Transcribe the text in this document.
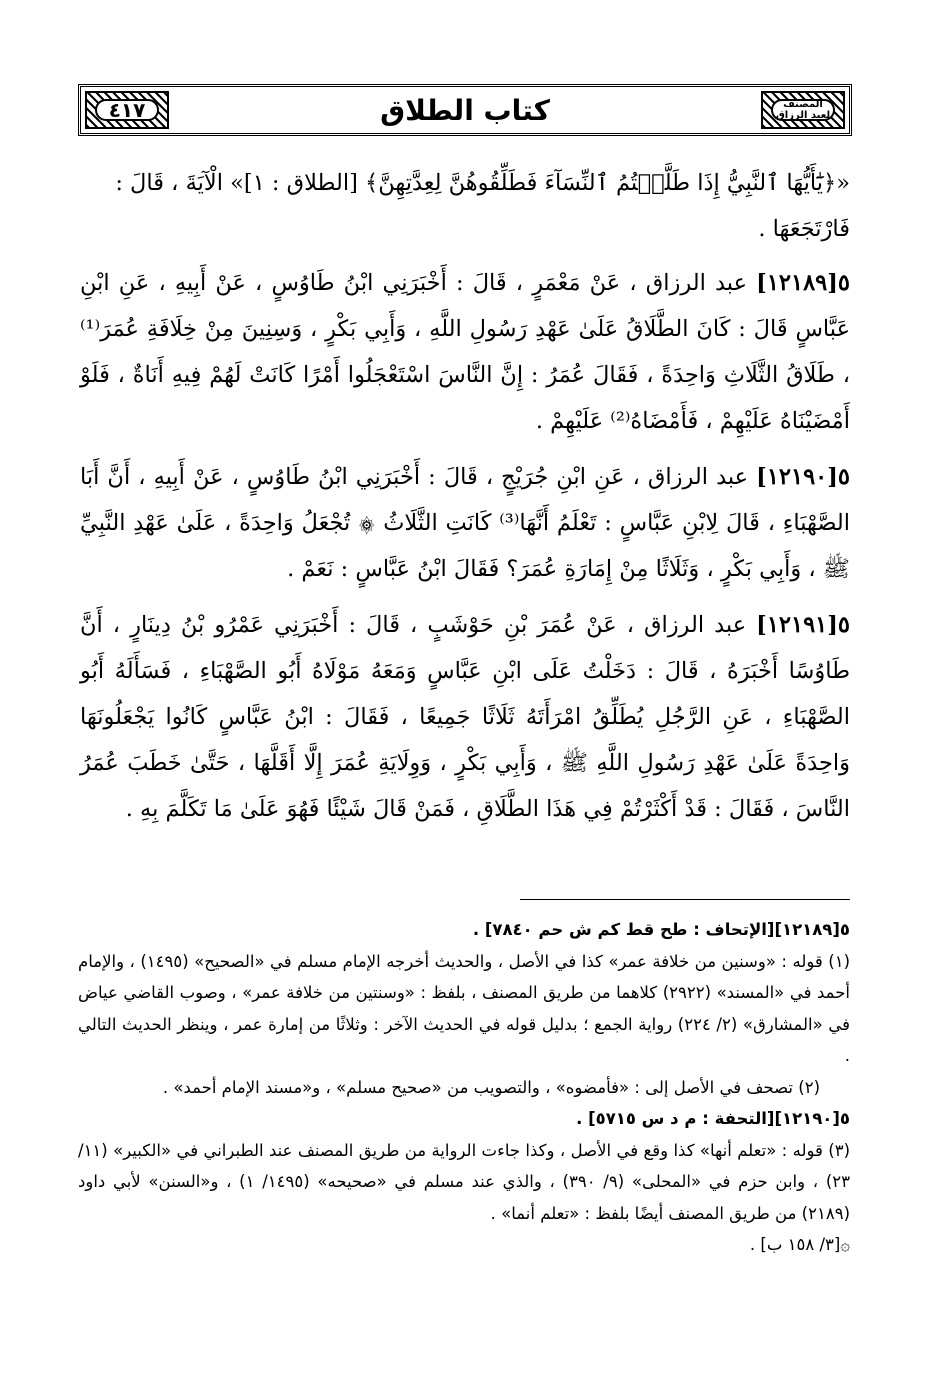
المصنف
لعبد الرزاق
كتاب الطلاق
٤١٧

«﴿يَٰٓأَيُّهَا ٱلنَّبِيُّ إِذَا طَلَّقۡتُمُ ٱلنِّسَآءَ فَطَلِّقُوهُنَّ لِعِدَّتِهِنَّ﴾ [الطلاق : ١]» الْآيَةَ ، قَالَ :
فَارْتَجَعَهَا .

٥[١٢١٨٩] عبد الرزاق ، عَنْ مَعْمَرٍ ، قَالَ : أَخْبَرَنِي ابْنُ طَاوُسٍ ، عَنْ أَبِيهِ ، عَنِ ابْنِ عَبَّاسٍ قَالَ : كَانَ الطَّلَاقُ عَلَىٰ عَهْدِ رَسُولِ اللَّهِ ، وَأَبِي بَكْرٍ ، وَسِنِينَ مِنْ خِلَافَةِ عُمَرَ⁽¹⁾ ، طَلَاقُ الثَّلَاثِ وَاحِدَةً ، فَقَالَ عُمَرُ : إِنَّ النَّاسَ اسْتَعْجَلُوا أَمْرًا كَانَتْ لَهُمْ فِيهِ أَنَاةٌ ، فَلَوْ أَمْضَيْنَاهُ عَلَيْهِمْ ، فَأَمْضَاهُ⁽²⁾ عَلَيْهِمْ .

٥[١٢١٩٠] عبد الرزاق ، عَنِ ابْنِ جُرَيْجٍ ، قَالَ : أَخْبَرَنِي ابْنُ طَاوُسٍ ، عَنْ أَبِيهِ ، أَنَّ أَبَا الصَّهْبَاءِ ، قَالَ لِابْنِ عَبَّاسٍ : تَعْلَمُ أَنَّهَا⁽³⁾ كَانَتِ الثَّلَاثُ ۞ تُجْعَلُ وَاحِدَةً ، عَلَىٰ عَهْدِ النَّبِيِّ ﷺ ، وَأَبِي بَكْرٍ ، وَثَلَاثًا مِنْ إِمَارَةِ عُمَرَ؟ فَقَالَ ابْنُ عَبَّاسٍ : نَعَمْ .

٥[١٢١٩١] عبد الرزاق ، عَنْ عُمَرَ بْنِ حَوْشَبٍ ، قَالَ : أَخْبَرَنِي عَمْرُو بْنُ دِينَارٍ ، أَنَّ طَاوُسًا أَخْبَرَهُ ، قَالَ : دَخَلْتُ عَلَى ابْنِ عَبَّاسٍ وَمَعَهُ مَوْلَاهُ أَبُو الصَّهْبَاءِ ، فَسَأَلَهُ أَبُو الصَّهْبَاءِ ، عَنِ الرَّجُلِ يُطَلِّقُ امْرَأَتَهُ ثَلَاثًا جَمِيعًا ، فَقَالَ : ابْنُ عَبَّاسٍ كَانُوا يَجْعَلُونَهَا وَاحِدَةً عَلَىٰ عَهْدِ رَسُولِ اللَّهِ ﷺ ، وَأَبِي بَكْرٍ ، وَوِلَايَةِ عُمَرَ إِلَّا أَقَلَّهَا ، حَتَّىٰ خَطَبَ عُمَرُ النَّاسَ ، فَقَالَ : قَدْ أَكْثَرْتُمْ فِي هَذَا الطَّلَاقِ ، فَمَنْ قَالَ شَيْئًا فَهُوَ عَلَىٰ مَا تَكَلَّمَ بِهِ .

٥[١٢١٨٩][الإتحاف : طح قط كم ش حم ٧٨٤٠] .

(١) قوله : «وسنين من خلافة عمر» كذا في الأصل ، والحديث أخرجه الإمام مسلم في «الصحيح» (١٤٩٥) ، والإمام أحمد في «المسند» (٢٩٢٢) كلاهما من طريق المصنف ، بلفظ : «وسنتين من خلافة عمر» ، وصوب القاضي عياض في «المشارق» (٢/ ٢٢٤) رواية الجمع ؛ بدليل قوله في الحديث الآخر : وثلاثًا من إمارة عمر ، وينظر الحديث التالي .

(٢) تصحف في الأصل إلى : «فأمضوه» ، والتصويب من «صحيح مسلم» ، و«مسند الإمام أحمد» .

٥[١٢١٩٠][التحفة : م د س ٥٧١٥] .

(٣) قوله : «تعلم أنها» كذا وقع في الأصل ، وكذا جاءت الرواية من طريق المصنف عند الطبراني في «الكبير» (١١/ ٢٣) ، وابن حزم في «المحلى» (٩/ ٣٩٠) ، والذي عند مسلم في «صحيحه» (١٤٩٥/ ١) ، و«السنن» لأبي داود (٢١٨٩) من طريق المصنف أيضًا بلفظ : «تعلم أنما» .

۞[٣/ ١٥٨ ب] .
